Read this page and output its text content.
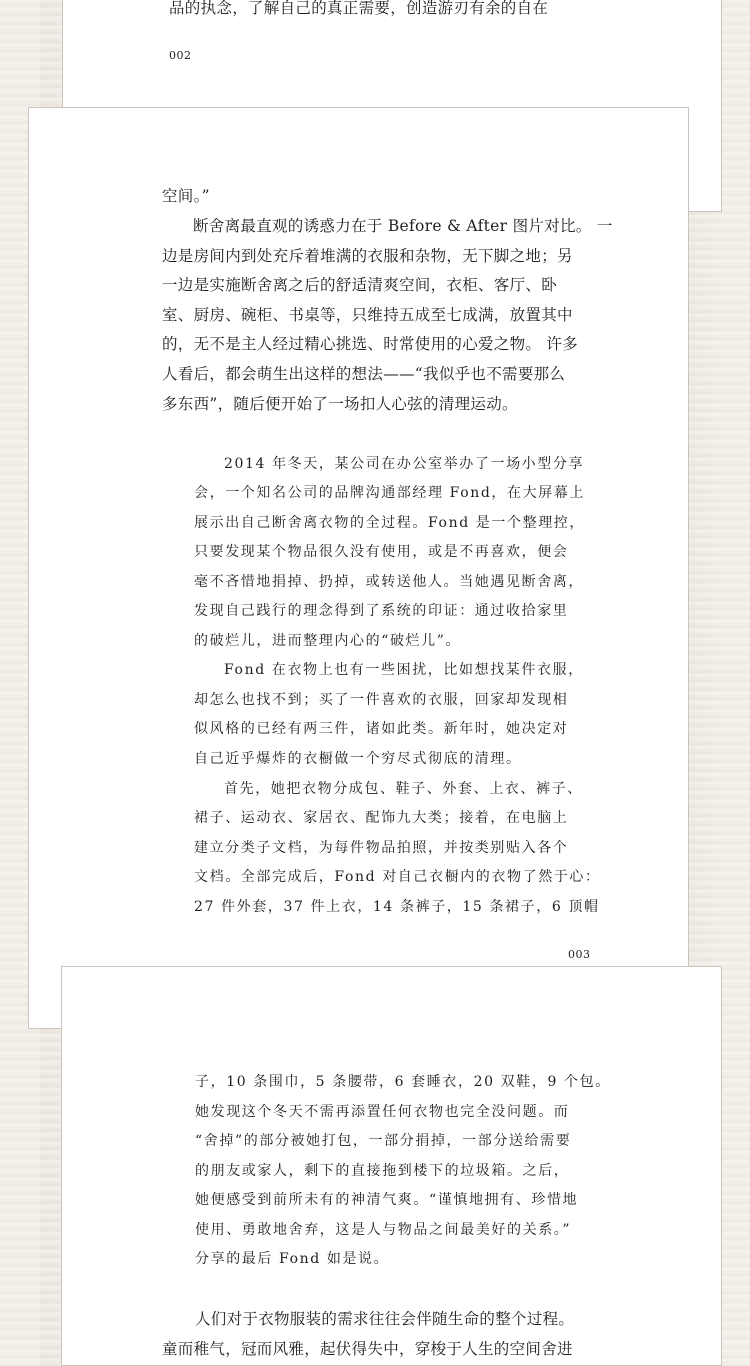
品的执念，了解自己的真正需要，创造游刃有余的自在
002
空间。”
断舍离最直观的诱惑力在于 Before & After 图片对比。 一
边是房间内到处充斥着堆满的衣服和杂物，无下脚之地；另
一边是实施断舍离之后的舒适清爽空间，衣柜、客厅、卧
室、厨房、碗柜、书桌等，只维持五成至七成满，放置其中
的，无不是主人经过精心挑选、时常使用的心爱之物。 许多
人看后，都会萌生出这样的想法——“我似乎也不需要那么
多东西”，随后便开始了一场扣人心弦的清理运动。
2014 年冬天，某公司在办公室举办了一场小型分享
会，一个知名公司的品牌沟通部经理 Fond，在大屏幕上
展示出自己断舍离衣物的全过程。Fond 是一个整理控，
只要发现某个物品很久没有使用，或是不再喜欢，便会
毫不吝惜地捐掉、扔掉，或转送他人。当她遇见断舍离，
发现自己践行的理念得到了系统的印证：通过收拾家里
的破烂儿，进而整理内心的“破烂儿”。
Fond 在衣物上也有一些困扰，比如想找某件衣服，
却怎么也找不到；买了一件喜欢的衣服，回家却发现相
似风格的已经有两三件，诸如此类。新年时，她决定对
自己近乎爆炸的衣橱做一个穷尽式彻底的清理。
首先，她把衣物分成包、鞋子、外套、上衣、裤子、
裙子、运动衣、家居衣、配饰九大类；接着，在电脑上
建立分类子文档，为每件物品拍照，并按类别贴入各个
文档。全部完成后，Fond 对自己衣橱内的衣物了然于心：
27 件外套，37 件上衣，14 条裤子，15 条裙子，6 顶帽
003
子，10 条围巾，5 条腰带，6 套睡衣，20 双鞋，9 个包。
她发现这个冬天不需再添置任何衣物也完全没问题。而
“舍掉”的部分被她打包，一部分捐掉，一部分送给需要
的朋友或家人，剩下的直接拖到楼下的垃圾箱。之后，
她便感受到前所未有的神清气爽。“谨慎地拥有、珍惜地
使用、勇敢地舍弃，这是人与物品之间最美好的关系。”
分享的最后 Fond 如是说。
人们对于衣物服装的需求往往会伴随生命的整个过程。
童而稚气，冠而风雅，起伏得失中，穿梭于人生的空间舍进
